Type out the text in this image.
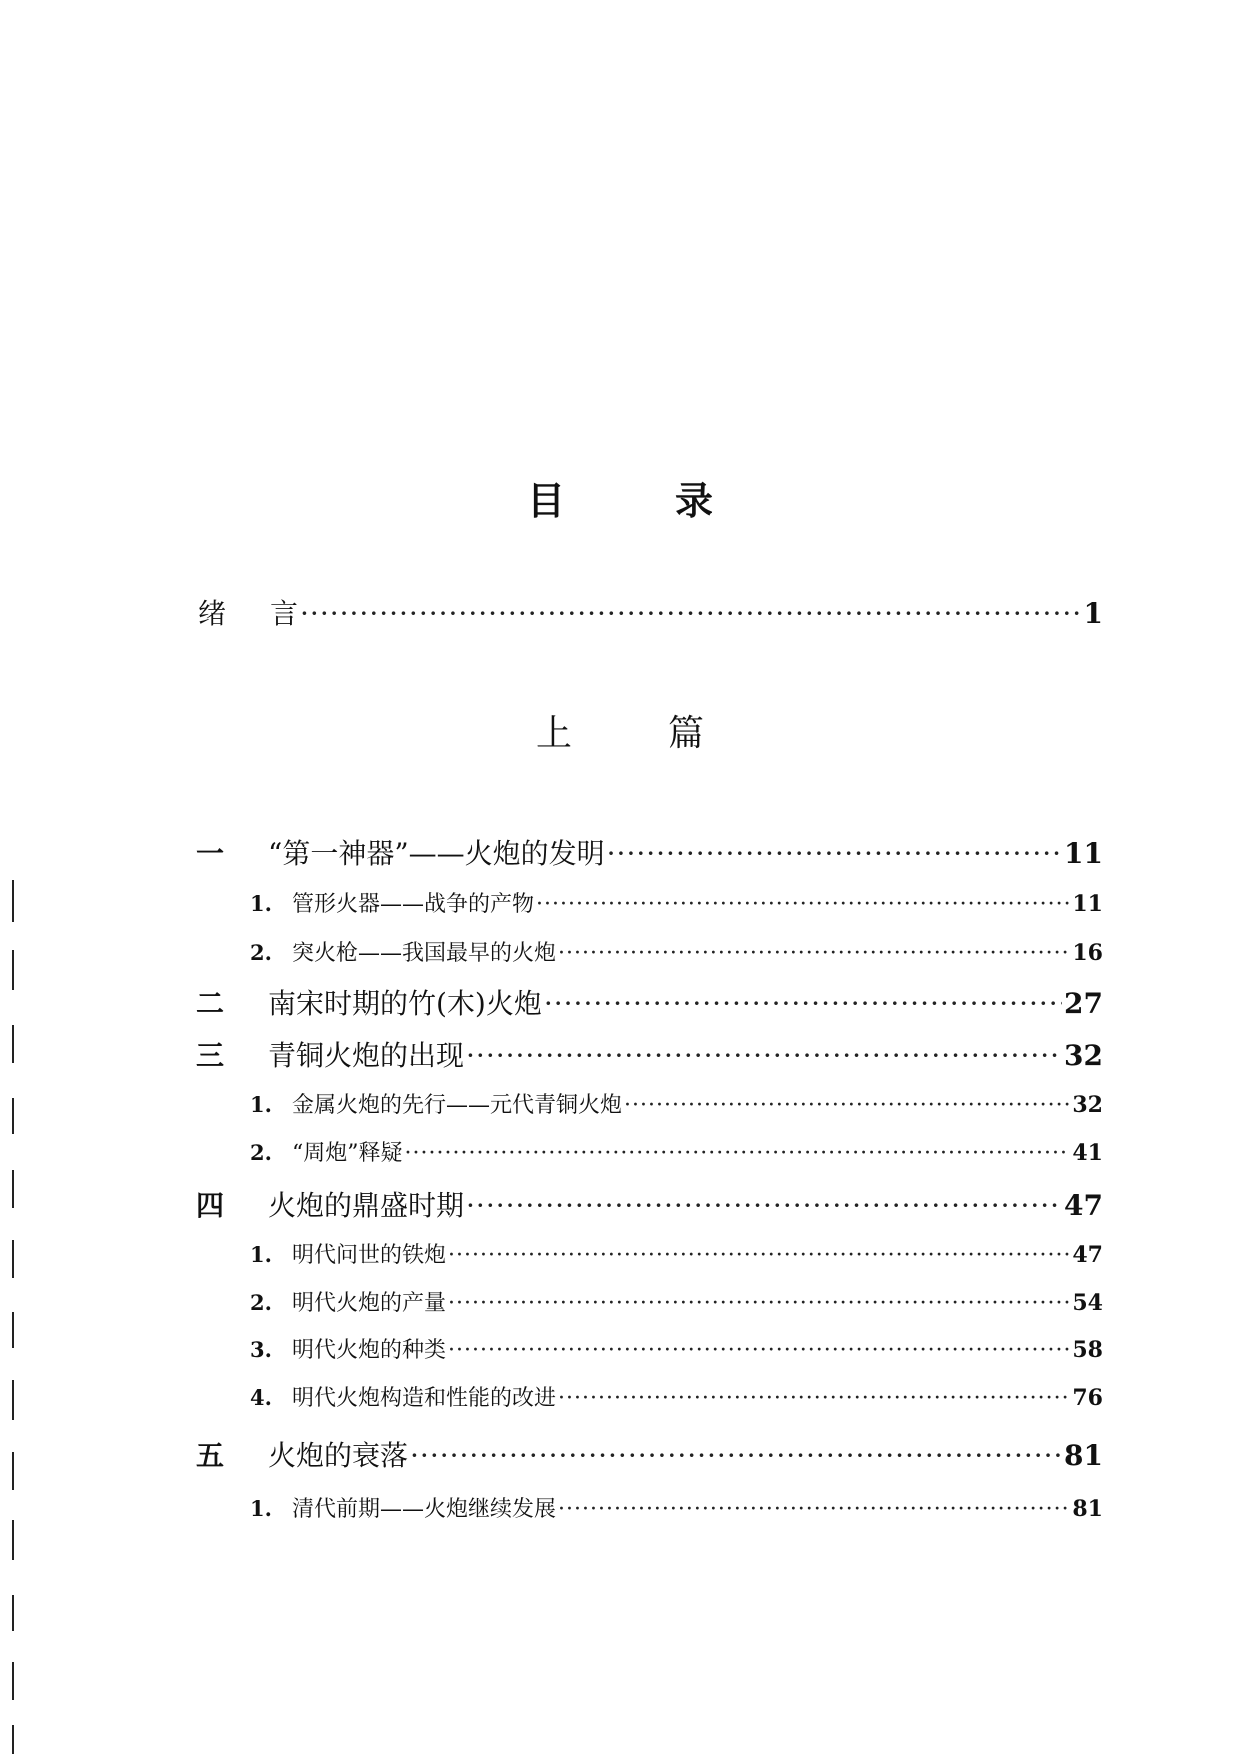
目	录
绪	言 ·····	1
上	篇
一	“第一神器”——火炮的发明 ·····	11
1. 管形火器——战争的产物 ·····	11
2. 突火枪——我国最早的火炮 ·····	16
二	南宋时期的竹(木)火炮 ·····	27
三	青铜火炮的出现 ·····	32
1. 金属火炮的先行——元代青铜火炮 ·····	32
2. “周炮”释疑 ·····	41
四	火炮的鼎盛时期 ·····	47
1. 明代问世的铁炮 ·····	47
2. 明代火炮的产量 ·····	54
3. 明代火炮的种类 ·····	58
4. 明代火炮构造和性能的改进 ·····	76
五	火炮的衰落 ·····	81
1. 清代前期——火炮继续发展 ·····	81
